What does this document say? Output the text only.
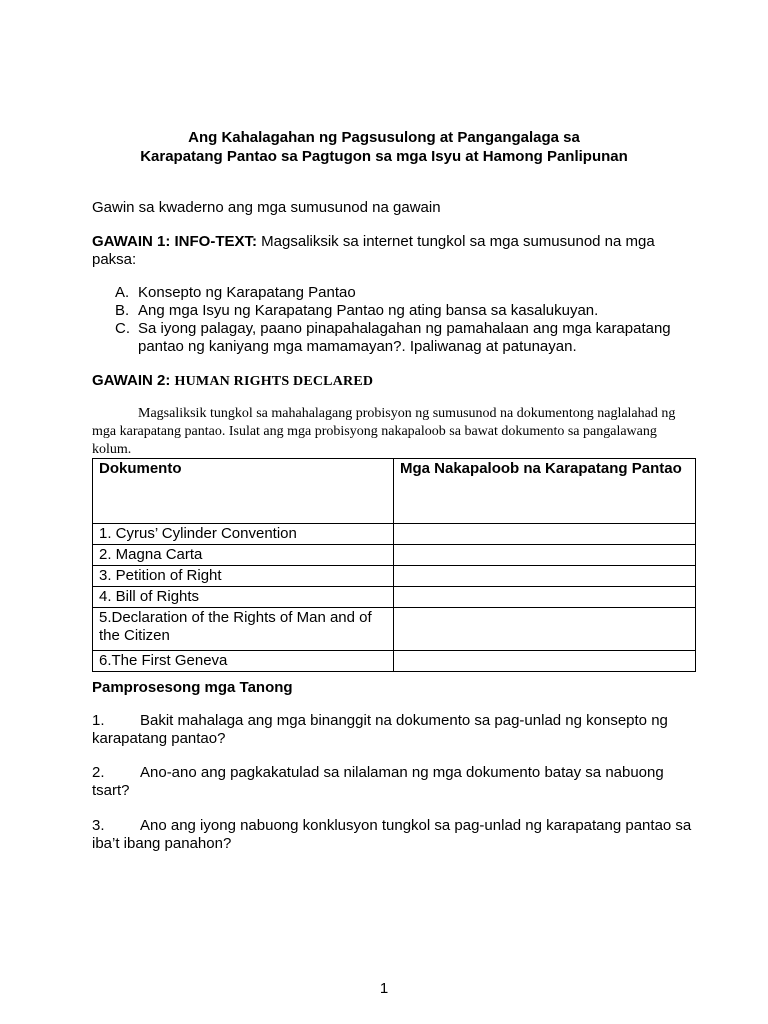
Ang Kahalagahan ng Pagsusulong at Pangangalaga sa
Karapatang Pantao sa Pagtugon sa mga Isyu at Hamong Panlipunan
Gawin sa kwaderno ang mga sumusunod na gawain
GAWAIN 1: INFO-TEXT: Magsaliksik sa internet tungkol sa mga sumusunod na mga paksa:
A. Konsepto ng Karapatang Pantao
B. Ang mga Isyu ng Karapatang Pantao ng ating bansa sa kasalukuyan.
C. Sa iyong palagay, paano pinapahalagahan ng pamahalaan ang mga karapatang pantao ng kaniyang mga mamamayan?. Ipaliwanag at patunayan.
GAWAIN 2: HUMAN RIGHTS DECLARED
Magsaliksik tungkol sa mahahalagang probisyon ng sumusunod na dokumentong naglalahad ng mga karapatang pantao. Isulat ang mga probisyong nakapaloob sa bawat dokumento sa pangalawang kolum.
Dokumento	Mga Nakapaloob na Karapatang Pantao
1. Cyrus’ Cylinder Convention	
2. Magna Carta	
3. Petition of Right	
4. Bill of Rights	
5.Declaration of the Rights of Man and of the Citizen	
6.The First Geneva	
Pamprosesong mga Tanong
1. Bakit mahalaga ang mga binanggit na dokumento sa pag-unlad ng konsepto ng karapatang pantao?
2. Ano-ano ang pagkakatulad sa nilalaman ng mga dokumento batay sa nabuong tsart?
3. Ano ang iyong nabuong konklusyon tungkol sa pag-unlad ng karapatang pantao sa iba’t ibang panahon?
1
